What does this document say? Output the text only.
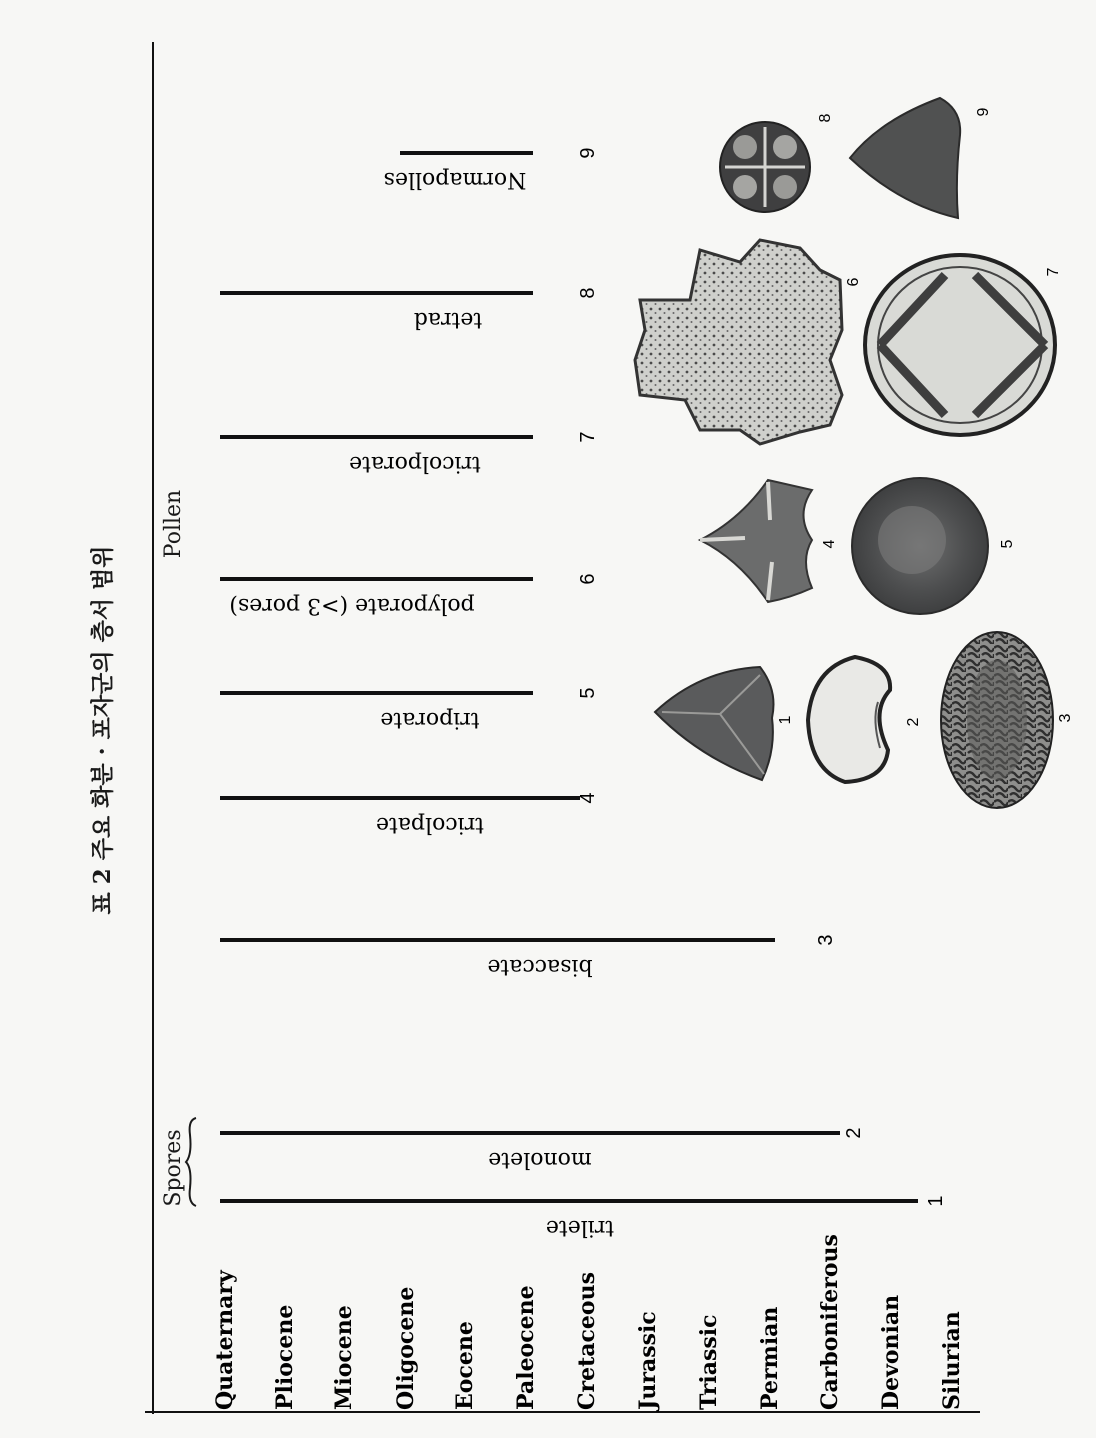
표 2 주요 화분 · 포자군의 층서 범위
Spores
Pollen
Quaternary Pliocene Miocene Oligocene Eocene Paleocene Cretaceous Jurassic Triassic Permian Carboniferous Devonian Silurian
trilete
1
monolete
2
bisaccate
3
tricolpate
4
triporate
5
polyporate (>3 pores)
6
tricolporate
7
tetrad
8
Normapolles
9
1	2	3
4	5
6
7
8
9
